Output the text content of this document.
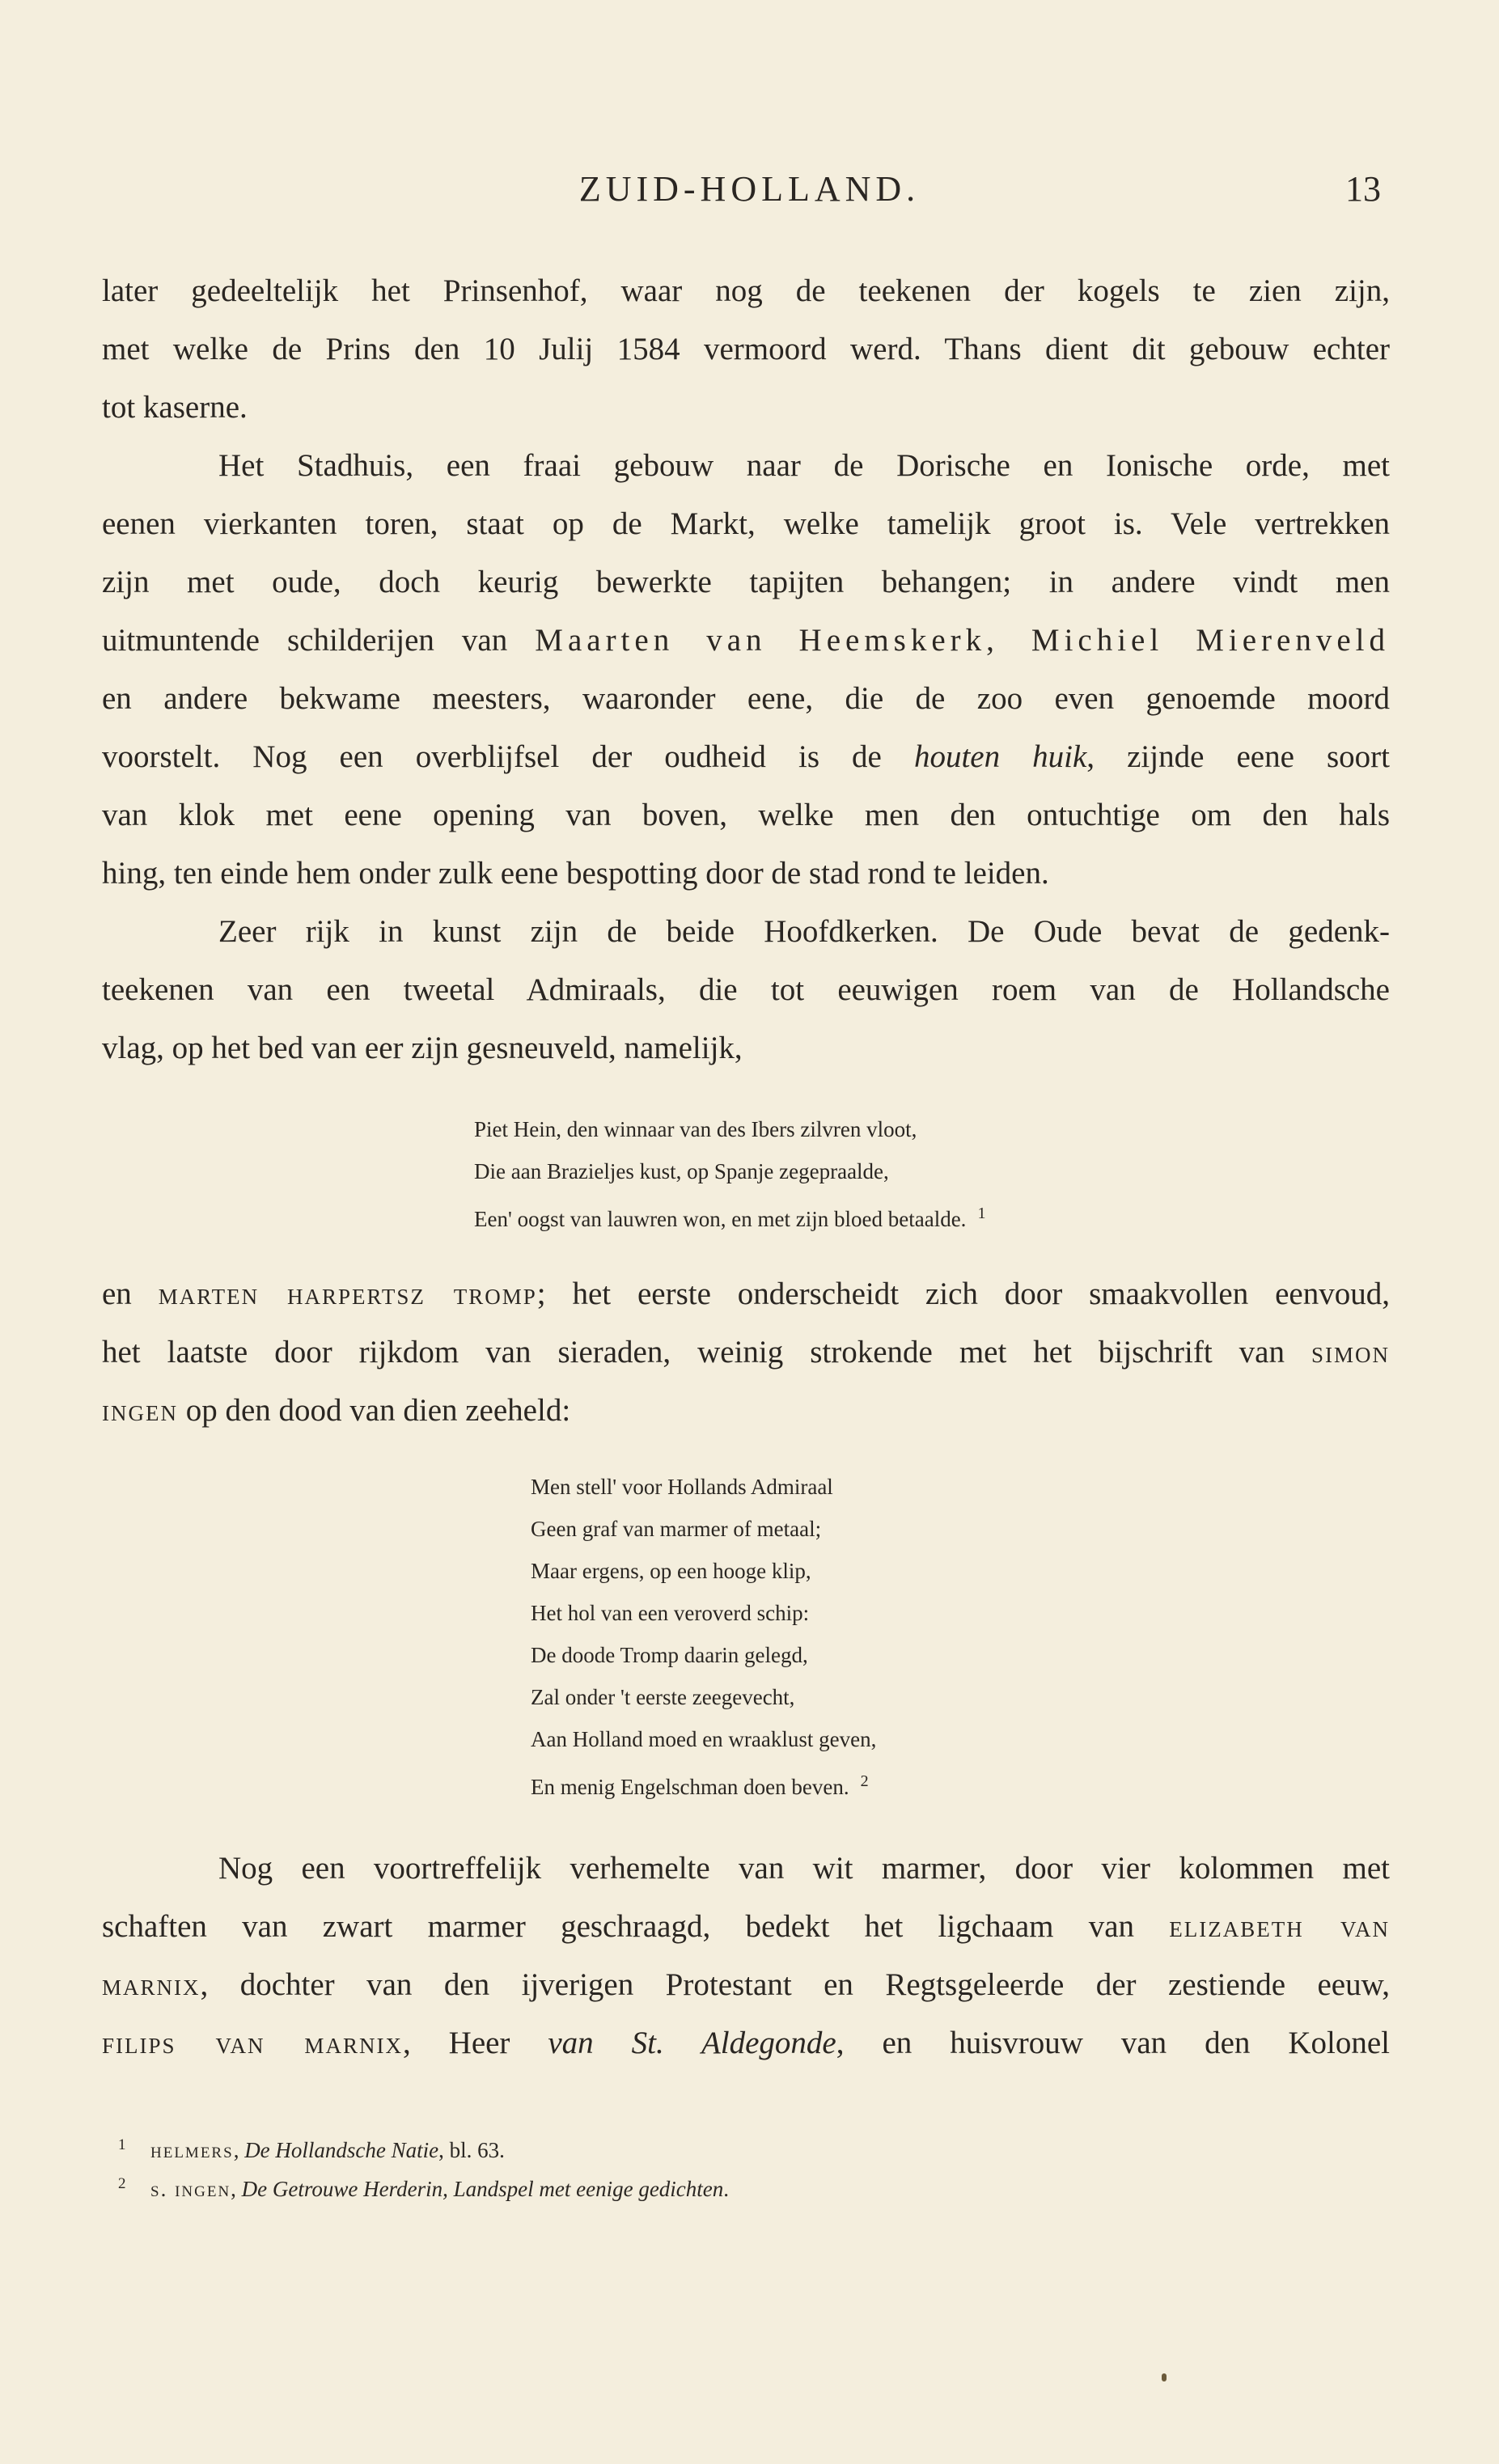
ZUID-HOLLAND.	13
later gedeeltelijk het Prinsenhof, waar nog de teekenen der kogels te zien zijn,
met welke de Prins den 10 Julij 1584 vermoord werd. Thans dient dit gebouw echter
tot kaserne.
Het Stadhuis, een fraai gebouw naar de Dorische en Ionische orde, met
eenen vierkanten toren, staat op de Markt, welke tamelijk groot is. Vele vertrekken
zijn met oude, doch keurig bewerkte tapijten behangen; in andere vindt men
uitmuntende schilderijen van Maarten van Heemskerk, Michiel Mierenveld
en andere bekwame meesters, waaronder eene, die de zoo even genoemde moord
voorstelt. Nog een overblijfsel der oudheid is de houten huik, zijnde eene soort
van klok met eene opening van boven, welke men den ontuchtige om den hals
hing, ten einde hem onder zulk eene bespotting door de stad rond te leiden.
Zeer rijk in kunst zijn de beide Hoofdkerken. De Oude bevat de gedenk-
teekenen van een tweetal Admiraals, die tot eeuwigen roem van de Hollandsche
vlag, op het bed van eer zijn gesneuveld, namelijk,
Piet Hein, den winnaar van des Ibers zilvren vloot,
Die aan Brazieljes kust, op Spanje zegepraalde,
Een' oogst van lauwren won, en met zijn bloed betaalde. $^1$
en marten harpertsz tromp; het eerste onderscheidt zich door smaakvollen eenvoud,
het laatste door rijkdom van sieraden, weinig strokende met het bijschrift van simon
ingen op den dood van dien zeeheld:
Men stell' voor Hollands Admiraal
Geen graf van marmer of metaal;
Maar ergens, op een hooge klip,
Het hol van een veroverd schip:
De doode Tromp daarin gelegd,
Zal onder 't eerste zeegevecht,
Aan Holland moed en wraaklust geven,
En menig Engelschman doen beven. $^2$
Nog een voortreffelijk verhemelte van wit marmer, door vier kolommen met
schaften van zwart marmer geschraagd, bedekt het ligchaam van elizabeth van
marnix, dochter van den ijverigen Protestant en Regtsgeleerde der zestiende eeuw,
filips van marnix, Heer van St. Aldegonde, en huisvrouw van den Kolonel
1 helmers, De Hollandsche Natie, bl. 63.
2 s. ingen, De Getrouwe Herderin, Landspel met eenige gedichten.
